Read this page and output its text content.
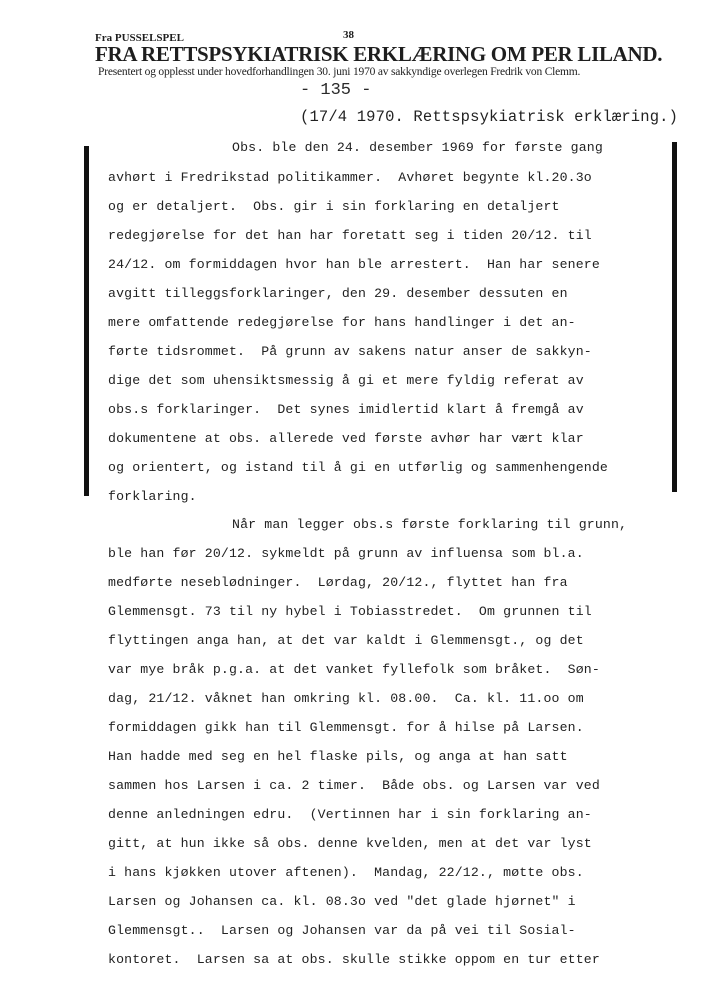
Fra PUSSELSPEL	38
FRA RETTSPSYKIATRISK ERKLÆRING OM PER LILAND.
Presentert og opplesst under hovedforhandlingen 30. juni 1970 av sakkyndige overlegen Fredrik von Clemm.
- 135 -
(17/4 1970. Rettspsykiatrisk erklæring.)
Obs. ble den 24. desember 1969 for første gang
avhørt i Fredrikstad politikammer.  Avhøret begynte kl.20.3o
og er detaljert.  Obs. gir i sin forklaring en detaljert
redegjørelse for det han har foretatt seg i tiden 20/12. til
24/12. om formiddagen hvor han ble arrestert.  Han har senere
avgitt tilleggsforklaringer, den 29. desember dessuten en
mere omfattende redegjørelse for hans handlinger i det an-
førte tidsrommet.  På grunn av sakens natur anser de sakkyn-
dige det som uhensiktsmessig å gi et mere fyldig referat av
obs.s forklaringer.  Det synes imidlertid klart å fremgå av
dokumentene at obs. allerede ved første avhør har vært klar
og orientert, og istand til å gi en utførlig og sammenhengende
forklaring.
Når man legger obs.s første forklaring til grunn,
ble han før 20/12. sykmeldt på grunn av influensa som bl.a.
medførte neseblødninger.  Lørdag, 20/12., flyttet han fra
Glemmensgt. 73 til ny hybel i Tobiasstredet.  Om grunnen til
flyttingen anga han, at det var kaldt i Glemmensgt., og det
var mye bråk p.g.a. at det vanket fyllefolk som bråket.  Søn-
dag, 21/12. våknet han omkring kl. 08.00.  Ca. kl. 11.oo om
formiddagen gikk han til Glemmensgt. for å hilse på Larsen.
Han hadde med seg en hel flaske pils, og anga at han satt
sammen hos Larsen i ca. 2 timer.  Både obs. og Larsen var ved
denne anledningen edru.  (Vertinnen har i sin forklaring an-
gitt, at hun ikke så obs. denne kvelden, men at det var lyst
i hans kjøkken utover aftenen).  Mandag, 22/12., møtte obs.
Larsen og Johansen ca. kl. 08.3o ved "det glade hjørnet" i
Glemmensgt..  Larsen og Johansen var da på vei til Sosial-
kontoret.  Larsen sa at obs. skulle stikke oppom en tur etter
